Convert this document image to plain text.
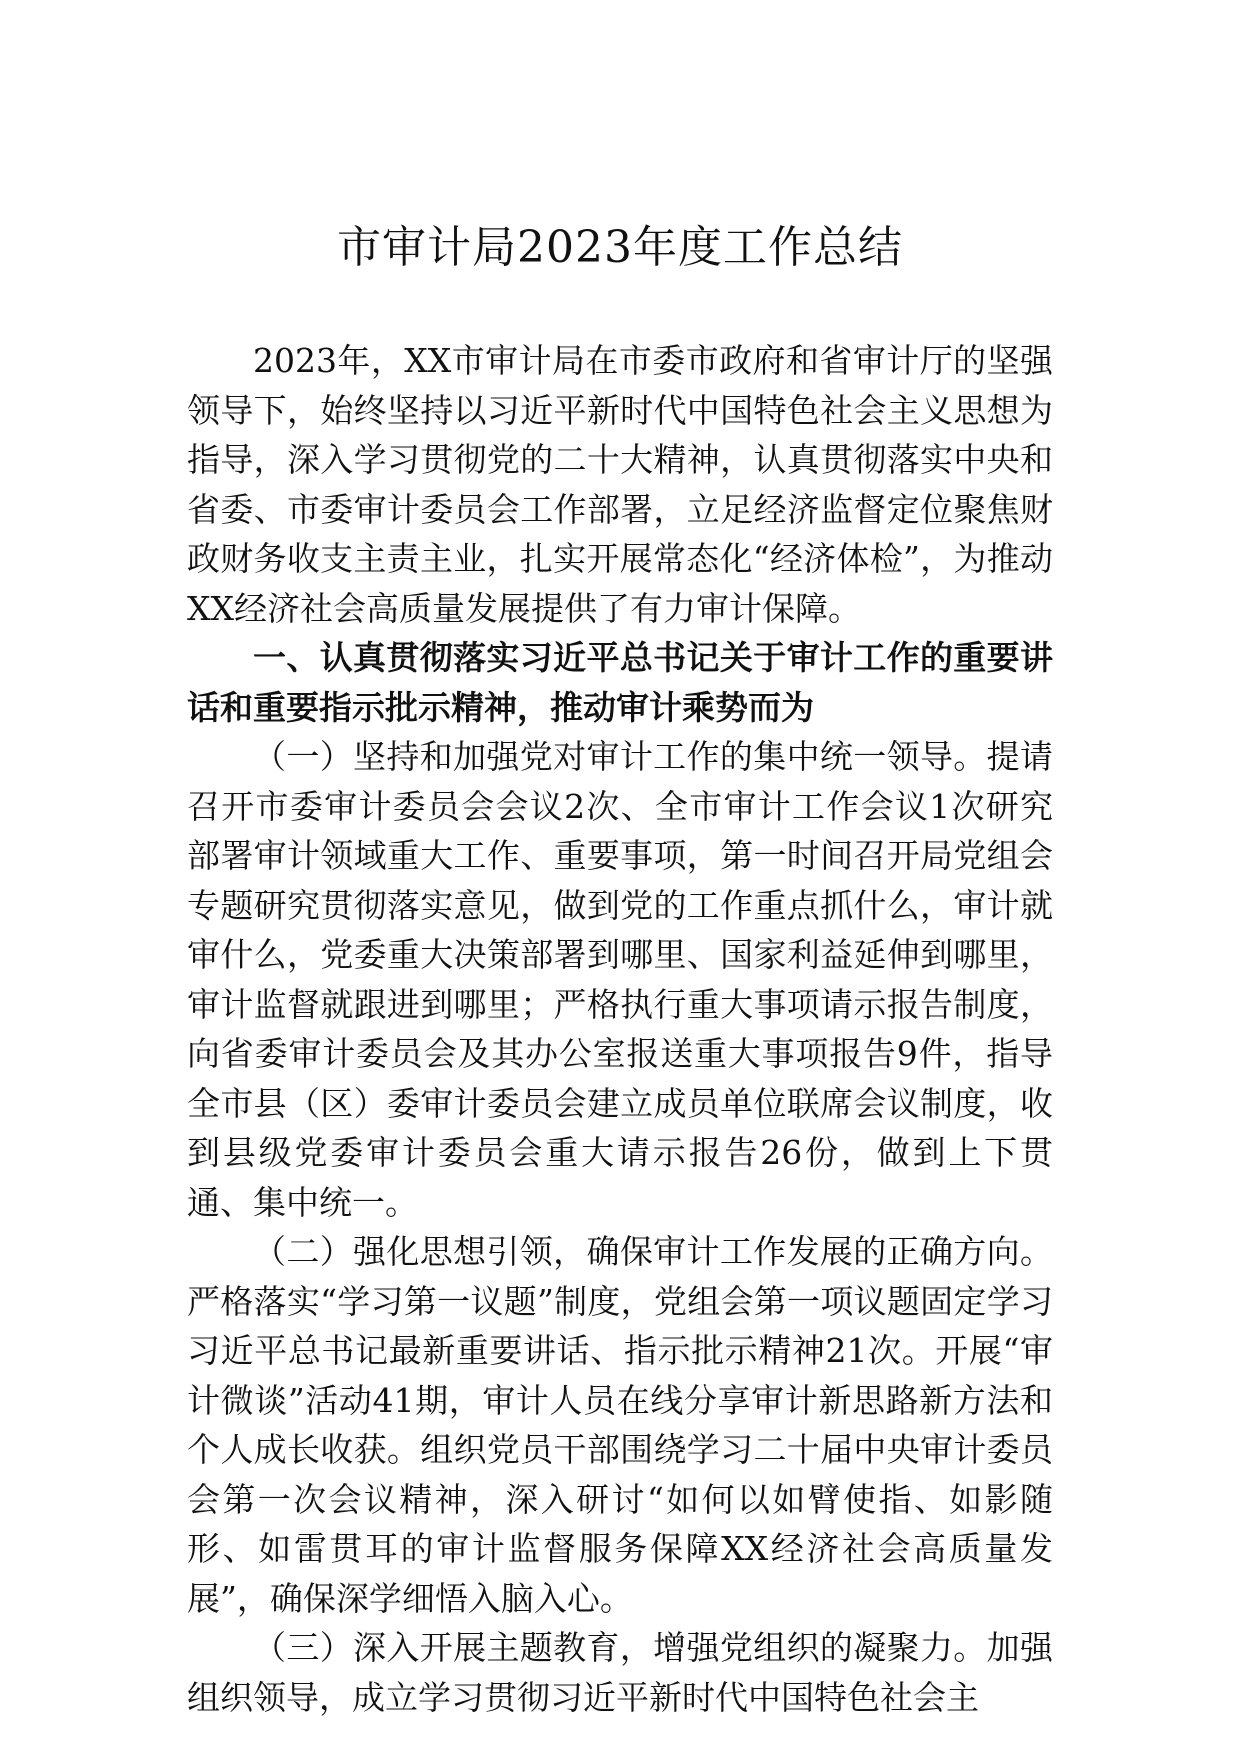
市审计局2023年度工作总结

2023年，XX市审计局在市委市政府和省审计厅的坚强领导下，始终坚持以习近平新时代中国特色社会主义思想为指导，深入学习贯彻党的二十大精神，认真贯彻落实中央和省委、市委审计委员会工作部署，立足经济监督定位聚焦财政财务收支主责主业，扎实开展常态化“经济体检”，为推动XX经济社会高质量发展提供了有力审计保障。

一、认真贯彻落实习近平总书记关于审计工作的重要讲话和重要指示批示精神，推动审计乘势而为

（一）坚持和加强党对审计工作的集中统一领导。提请召开市委审计委员会会议2次、全市审计工作会议1次研究部署审计领域重大工作、重要事项，第一时间召开局党组会专题研究贯彻落实意见，做到党的工作重点抓什么，审计就审什么，党委重大决策部署到哪里、国家利益延伸到哪里，审计监督就跟进到哪里；严格执行重大事项请示报告制度，向省委审计委员会及其办公室报送重大事项报告9件，指导全市县（区）委审计委员会建立成员单位联席会议制度，收到县级党委审计委员会重大请示报告26份，做到上下贯通、集中统一。

（二）强化思想引领，确保审计工作发展的正确方向。严格落实“学习第一议题”制度，党组会第一项议题固定学习习近平总书记最新重要讲话、指示批示精神21次。开展“审计微谈”活动41期，审计人员在线分享审计新思路新方法和个人成长收获。组织党员干部围绕学习二十届中央审计委员会第一次会议精神，深入研讨“如何以如臂使指、如影随形、如雷贯耳的审计监督服务保障XX经济社会高质量发展”，确保深学细悟入脑入心。

（三）深入开展主题教育，增强党组织的凝聚力。加强组织领导，成立学习贯彻习近平新时代中国特色社会主
